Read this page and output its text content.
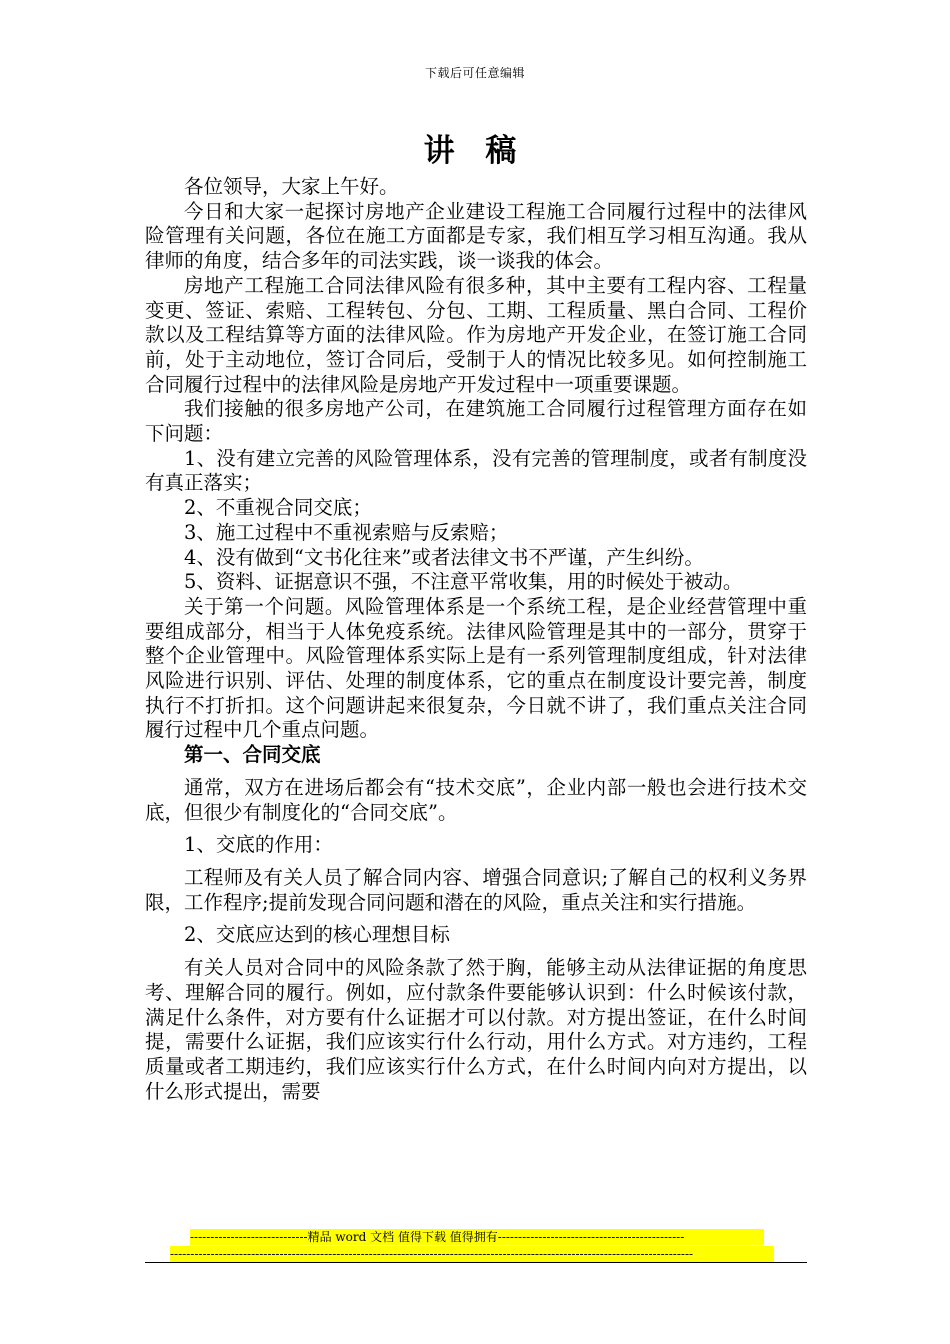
下载后可任意编辑
讲 稿

各位领导，大家上午好。

今日和大家一起探讨房地产企业建设工程施工合同履行过程中的法律风险管理有关问题，各位在施工方面都是专家，我们相互学习相互沟通。我从律师的角度，结合多年的司法实践，谈一谈我的体会。

房地产工程施工合同法律风险有很多种，其中主要有工程内容、工程量变更、签证、索赔、工程转包、分包、工期、工程质量、黑白合同、工程价款以及工程结算等方面的法律风险。作为房地产开发企业，在签订施工合同前，处于主动地位，签订合同后，受制于人的情况比较多见。如何控制施工合同履行过程中的法律风险是房地产开发过程中一项重要课题。

我们接触的很多房地产公司，在建筑施工合同履行过程管理方面存在如下问题：

1、没有建立完善的风险管理体系，没有完善的管理制度，或者有制度没有真正落实；

2、不重视合同交底；

3、施工过程中不重视索赔与反索赔；

4、没有做到“文书化往来”或者法律文书不严谨，产生纠纷。

5、资料、证据意识不强，不注意平常收集，用的时候处于被动。

关于第一个问题。风险管理体系是一个系统工程，是企业经营管理中重要组成部分，相当于人体免疫系统。法律风险管理是其中的一部分，贯穿于整个企业管理中。风险管理体系实际上是有一系列管理制度组成，针对法律风险进行识别、评估、处理的制度体系，它的重点在制度设计要完善，制度执行不打折扣。这个问题讲起来很复杂，今日就不讲了，我们重点关注合同履行过程中几个重点问题。

第一、合同交底

通常，双方在进场后都会有“技术交底”，企业内部一般也会进行技术交底，但很少有制度化的“合同交底”。

1、交底的作用：

工程师及有关人员了解合同内容、增强合同意识;了解自己的权利义务界限，工作程序;提前发现合同问题和潜在的风险，重点关注和实行措施。

2、交底应达到的核心理想目标

有关人员对合同中的风险条款了然于胸，能够主动从法律证据的角度思考、理解合同的履行。例如，应付款条件要能够认识到：什么时候该付款，满足什么条件，对方要有什么证据才可以付款。对方提出签证，在什么时间提，需要什么证据，我们应该实行什么行动，用什么方式。对方违约，工程质量或者工期违约，我们应该实行什么方式，在什么时间内向对方提出，以什么形式提出，需要

-----------------------------精品 word 文档 值得下载 值得拥有----------------------------------------------
---------------------------------------------------------------------------------------------------------------------------------
